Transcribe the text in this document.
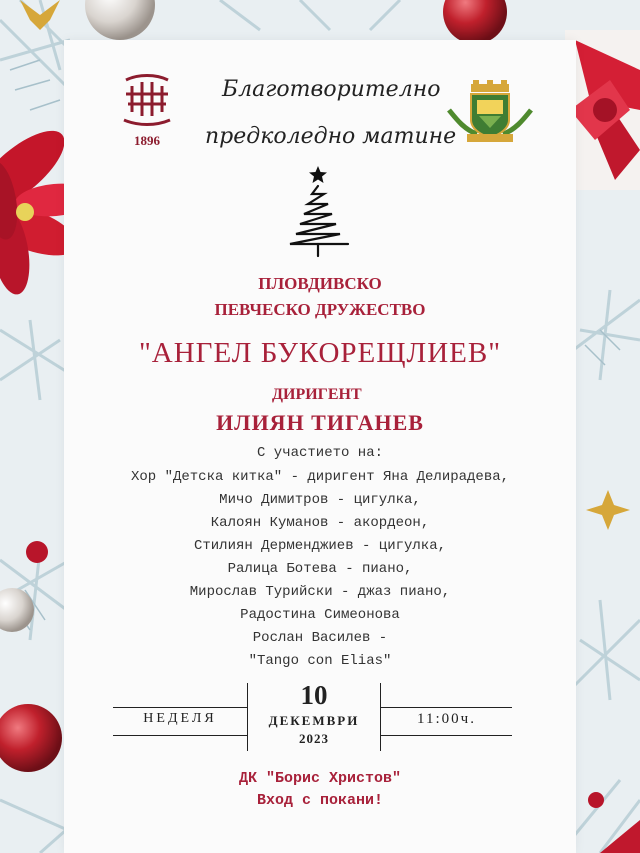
1896
Благотворително
предколедно матине
ПЛОВДИВСКО
ПЕВЧЕСКО ДРУЖЕСТВО
"АНГЕЛ БУКОРЕЩЛИЕВ"
ДИРИГЕНТ
ИЛИЯН ТИГАНЕВ
С участието на:
Хор "Детска китка" - диригент Яна Делирадева,
Мичо Димитров - цигулка,
Калоян Куманов - акордеон,
Стилиян Дерменджиев - цигулка,
Ралица Ботева - пиано,
Мирослав Турийски - джаз пиано,
Радостина Симеонова
Рослан Василев -
"Tango con Elias"
НЕДЕЛЯ
10
ДЕКЕМВРИ
2023
11:00ч.
ДК "Борис Христов"
Вход с покани!
